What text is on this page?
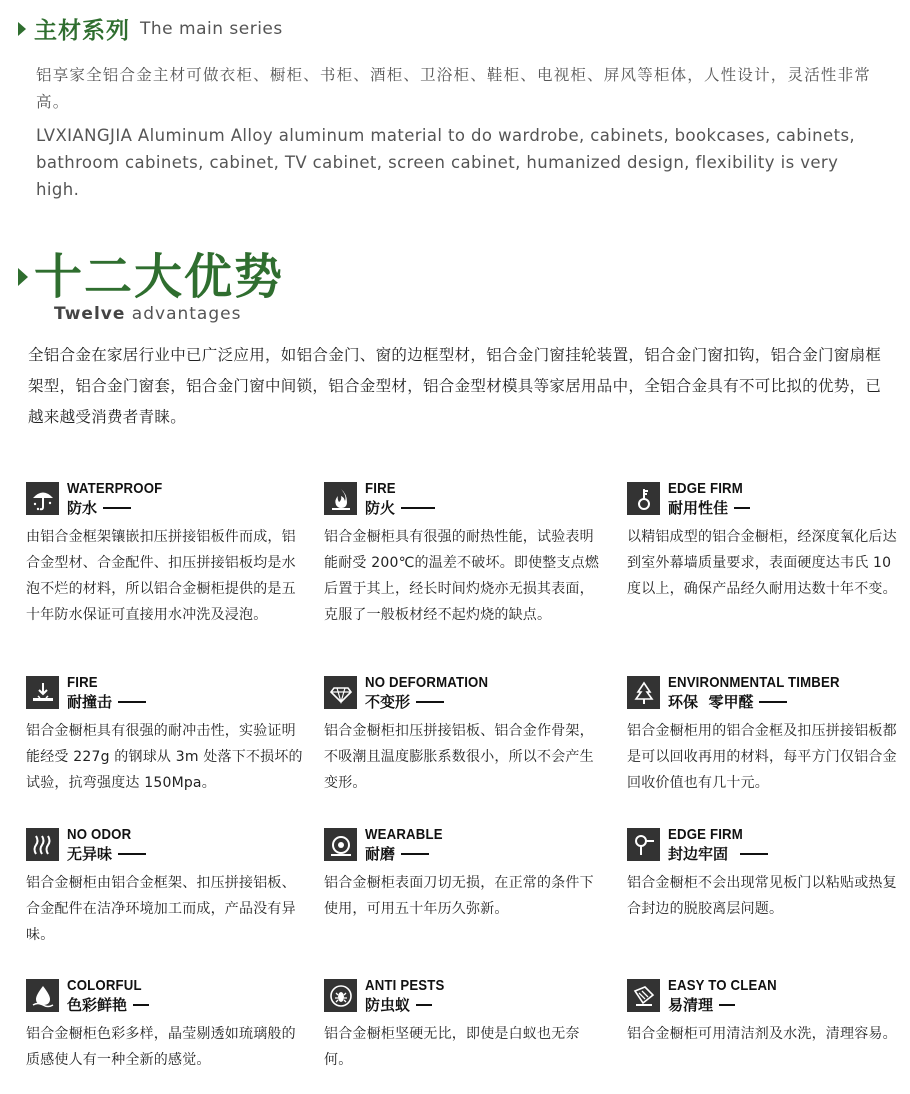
主材系列 The main series
铝享家全铝合金主材可做衣柜、橱柜、书柜、酒柜、卫浴柜、鞋柜、电视柜、屏风等柜体，人性设计，灵活性非常高。
LVXIANGJIA Aluminum Alloy aluminum material to do wardrobe, cabinets, bookcases, cabinets, bathroom cabinets, cabinet, TV cabinet, screen cabinet, humanized design, flexibility is very high.
十二大优势
Twelve advantages
全铝合金在家居行业中已广泛应用，如铝合金门、窗的边框型材，铝合金门窗挂轮装置，铝合金门窗扣钩，铝合金门窗扇框架型，铝合金门窗套，铝合金门窗中间锁，铝合金型材，铝合金型材模具等家居用品中，全铝合金具有不可比拟的优势，已越来越受消费者青睐。
WATERPROOF
防水
由铝合金框架镶嵌扣压拼接铝板件而成，铝合金型材、合金配件、扣压拼接铝板均是水泡不烂的材料，所以铝合金橱柜提供的是五十年防水保证可直接用水冲洗及浸泡。
FIRE
防火
铝合金橱柜具有很强的耐热性能，试验表明能耐受 200℃的温差不破坏。即使整支点燃后置于其上，经长时间灼烧亦无损其表面，克服了一般板材经不起灼烧的缺点。
EDGE FIRM
耐用性佳
以精铝成型的铝合金橱柜，经深度氧化后达到室外幕墙质量要求，表面硬度达韦氏 10 度以上，确保产品经久耐用达数十年不变。
FIRE
耐撞击
铝合金橱柜具有很强的耐冲击性，实验证明能经受 227g 的钢球从 3m 处落下不损坏的试验，抗弯强度达 150Mpa。
NO DEFORMATION
不变形
铝合金橱柜扣压拼接铝板、铝合金作骨架，不吸潮且温度膨胀系数很小，所以不会产生变形。
ENVIRONMENTAL TIMBER
环保  零甲醛
铝合金橱柜用的铝合金框及扣压拼接铝板都是可以回收再用的材料，每平方门仅铝合金回收价值也有几十元。
NO ODOR
无异味
铝合金橱柜由铝合金框架、扣压拼接铝板、合金配件在洁净环境加工而成，产品没有异味。
WEARABLE
耐磨
铝合金橱柜表面刀切无损，在正常的条件下使用，可用五十年历久弥新。
EDGE FIRM
封边牢固
铝合金橱柜不会出现常见板门以粘贴或热复合封边的脱胶离层问题。
COLORFUL
色彩鲜艳
铝合金橱柜色彩多样，晶莹剔透如琉璃般的质感使人有一种全新的感觉。
ANTI PESTS
防虫蚁
铝合金橱柜坚硬无比，即使是白蚁也无奈何。
EASY TO CLEAN
易清理
铝合金橱柜可用清洁剂及水洗，清理容易。
